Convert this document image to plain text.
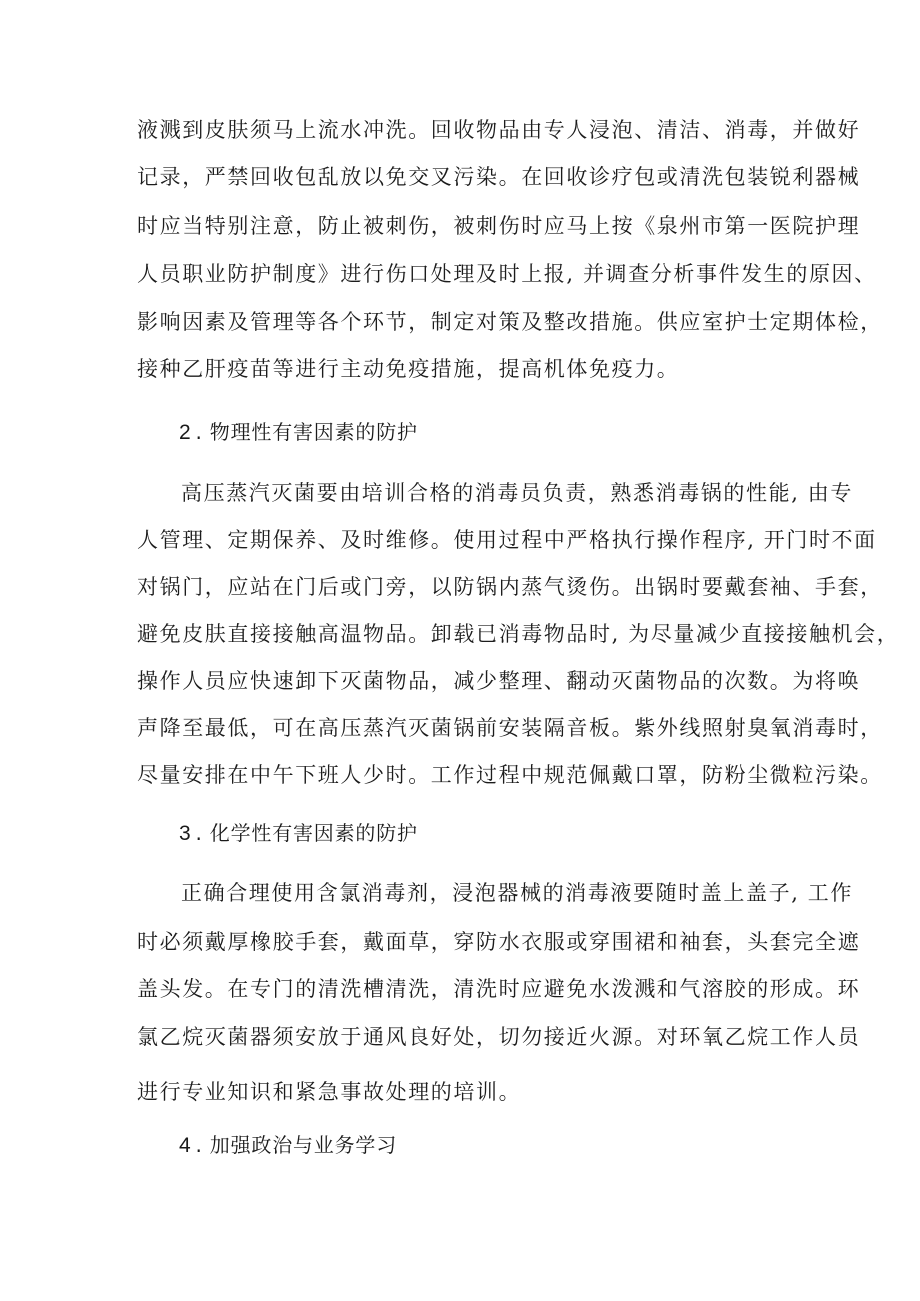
液溅到皮肤须马上流水冲洗。回收物品由专人浸泡、清洁、消毒，并做好
记录，严禁回收包乱放以免交叉污染。在回收诊疗包或清洗包装锐利器械
时应当特别注意，防止被刺伤，被刺伤时应马上按《泉州市第一医院护理
人员职业防护制度》进行伤口处理及时上报, 并调查分析事件发生的原因、
影响因素及管理等各个环节，制定对策及整改措施。供应室护士定期体检，
接种乙肝疫苗等进行主动免疫措施，提高机体免疫力。
2 . 物理性有害因素的防护
高压蒸汽灭菌要由培训合格的消毒员负责，熟悉消毒锅的性能, 由专
人管理、定期保养、及时维修。使用过程中严格执行操作程序, 开门时不面
对锅门，应站在门后或门旁，以防锅内蒸气烫伤。出锅时要戴套袖、手套，
避免皮肤直接接触高温物品。卸载已消毒物品时, 为尽量减少直接接触机会，
操作人员应快速卸下灭菌物品，减少整理、翻动灭菌物品的次数。为将唤
声降至最低，可在高压蒸汽灭菌锅前安装隔音板。紫外线照射臭氧消毒时，
尽量安排在中午下班人少时。工作过程中规范佩戴口罩，防粉尘微粒污染。
3 . 化学性有害因素的防护
正确合理使用含氯消毒剂，浸泡器械的消毒液要随时盖上盖子, 工作
时必须戴厚橡胶手套，戴面草，穿防水衣服或穿围裙和袖套，头套完全遮
盖头发。在专门的清洗槽清洗，清洗时应避免水泼溅和气溶胶的形成。环
氯乙烷灭菌器须安放于通风良好处，切勿接近火源。对环氧乙烷工作人员
进行专业知识和紧急事故处理的培训。
4 . 加强政治与业务学习
